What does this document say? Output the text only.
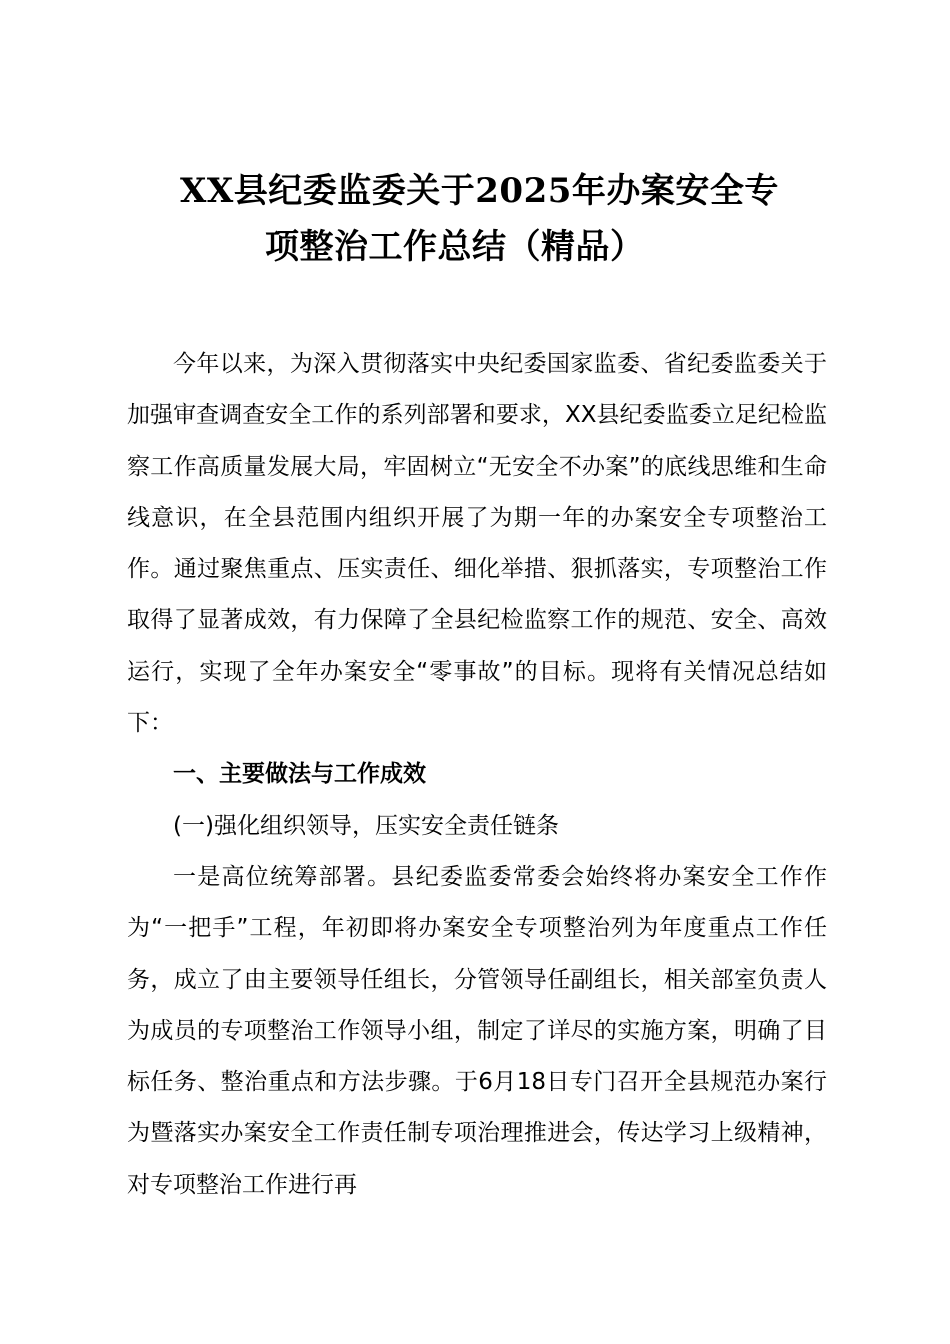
XX县纪委监委关于2025年办案安全专
项整治工作总结（精品）

今年以来，为深入贯彻落实中央纪委国家监委、省纪委监委关于加强审查调查安全工作的系列部署和要求，XX县纪委监委立足纪检监察工作高质量发展大局，牢固树立“无安全不办案”的底线思维和生命线意识，在全县范围内组织开展了为期一年的办案安全专项整治工作。通过聚焦重点、压实责任、细化举措、狠抓落实，专项整治工作取得了显著成效，有力保障了全县纪检监察工作的规范、安全、高效运行，实现了全年办案安全“零事故”的目标。现将有关情况总结如下：

一、主要做法与工作成效

(一)强化组织领导，压实安全责任链条

一是高位统筹部署。县纪委监委常委会始终将办案安全工作作为“一把手”工程，年初即将办案安全专项整治列为年度重点工作任务，成立了由主要领导任组长，分管领导任副组长，相关部室负责人为成员的专项整治工作领导小组，制定了详尽的实施方案，明确了目标任务、整治重点和方法步骤。于6月18日专门召开全县规范办案行为暨落实办案安全工作责任制专项治理推进会，传达学习上级精神，对专项整治工作进行再
